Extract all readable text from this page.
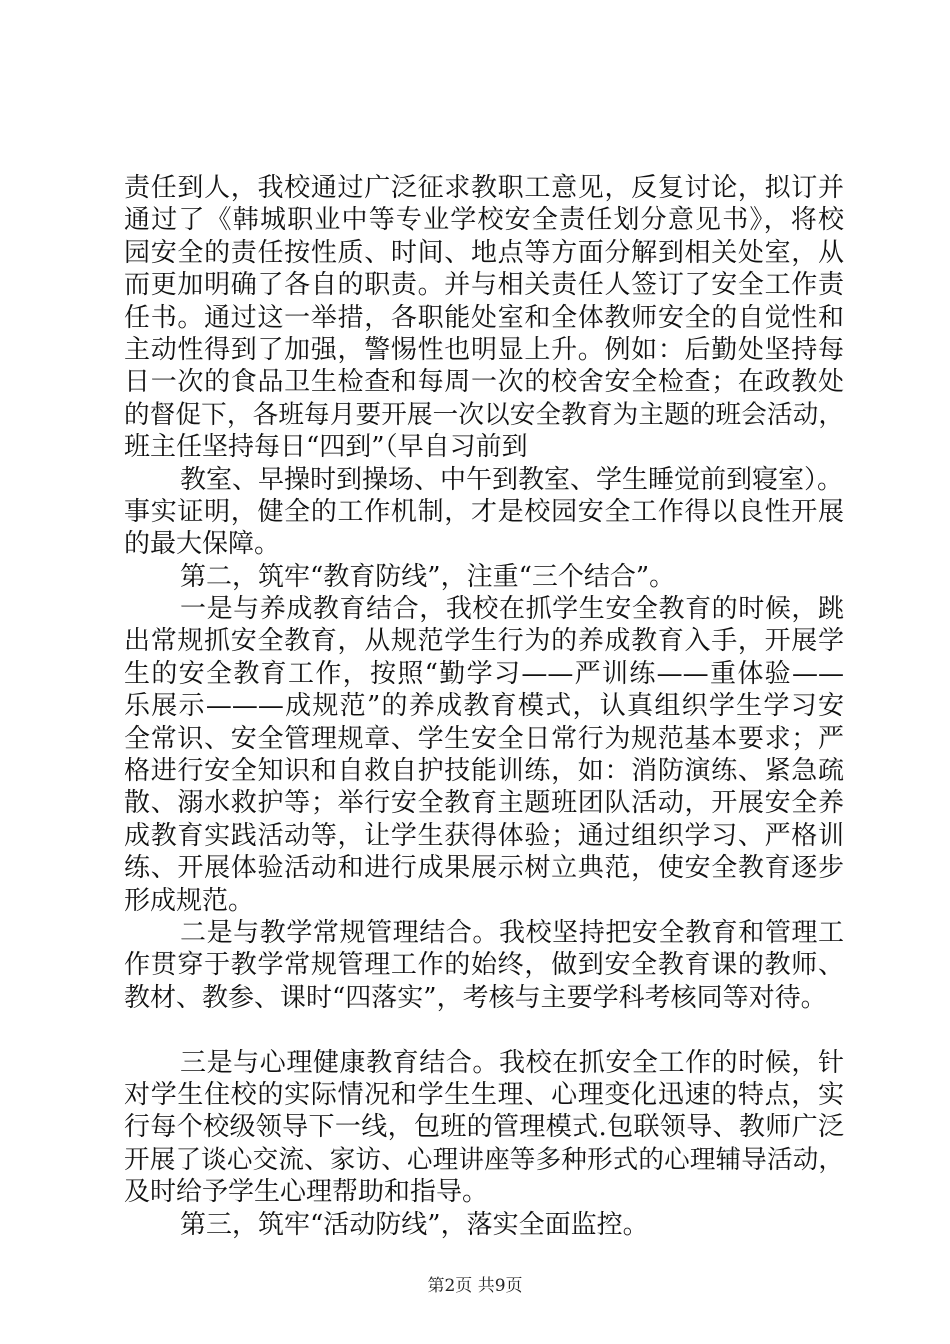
责任到人，我校通过广泛征求教职工意见，反复讨论，拟订并
通过了《韩城职业中等专业学校安全责任划分意见书》，将校
园安全的责任按性质、时间、地点等方面分解到相关处室，从
而更加明确了各自的职责。并与相关责任人签订了安全工作责
任书。通过这一举措，各职能处室和全体教师安全的自觉性和
主动性得到了加强，警惕性也明显上升。例如：后勤处坚持每
日一次的食品卫生检查和每周一次的校舍安全检查；在政教处
的督促下，各班每月要开展一次以安全教育为主题的班会活动，
班主任坚持每日“四到”（早自习前到
教室、早操时到操场、中午到教室、学生睡觉前到寝室）。
事实证明，健全的工作机制，才是校园安全工作得以良性开展
的最大保障。
第二，筑牢“教育防线”，注重“三个结合”。
一是与养成教育结合，我校在抓学生安全教育的时候，跳
出常规抓安全教育，从规范学生行为的养成教育入手，开展学
生的安全教育工作，按照“勤学习——严训练——重体验——
乐展示———成规范”的养成教育模式，认真组织学生学习安
全常识、安全管理规章、学生安全日常行为规范基本要求；严
格进行安全知识和自救自护技能训练，如：消防演练、紧急疏
散、溺水救护等；举行安全教育主题班团队活动，开展安全养
成教育实践活动等，让学生获得体验；通过组织学习、严格训
练、开展体验活动和进行成果展示树立典范，使安全教育逐步
形成规范。
二是与教学常规管理结合。我校坚持把安全教育和管理工
作贯穿于教学常规管理工作的始终，做到安全教育课的教师、
教材、教参、课时“四落实”，考核与主要学科考核同等对待。
三是与心理健康教育结合。我校在抓安全工作的时候，针
对学生住校的实际情况和学生生理、心理变化迅速的特点，实
行每个校级领导下一线，包班的管理模式.包联领导、教师广泛
开展了谈心交流、家访、心理讲座等多种形式的心理辅导活动，
及时给予学生心理帮助和指导。
第三，筑牢“活动防线”，落实全面监控。
第2页 共9页
